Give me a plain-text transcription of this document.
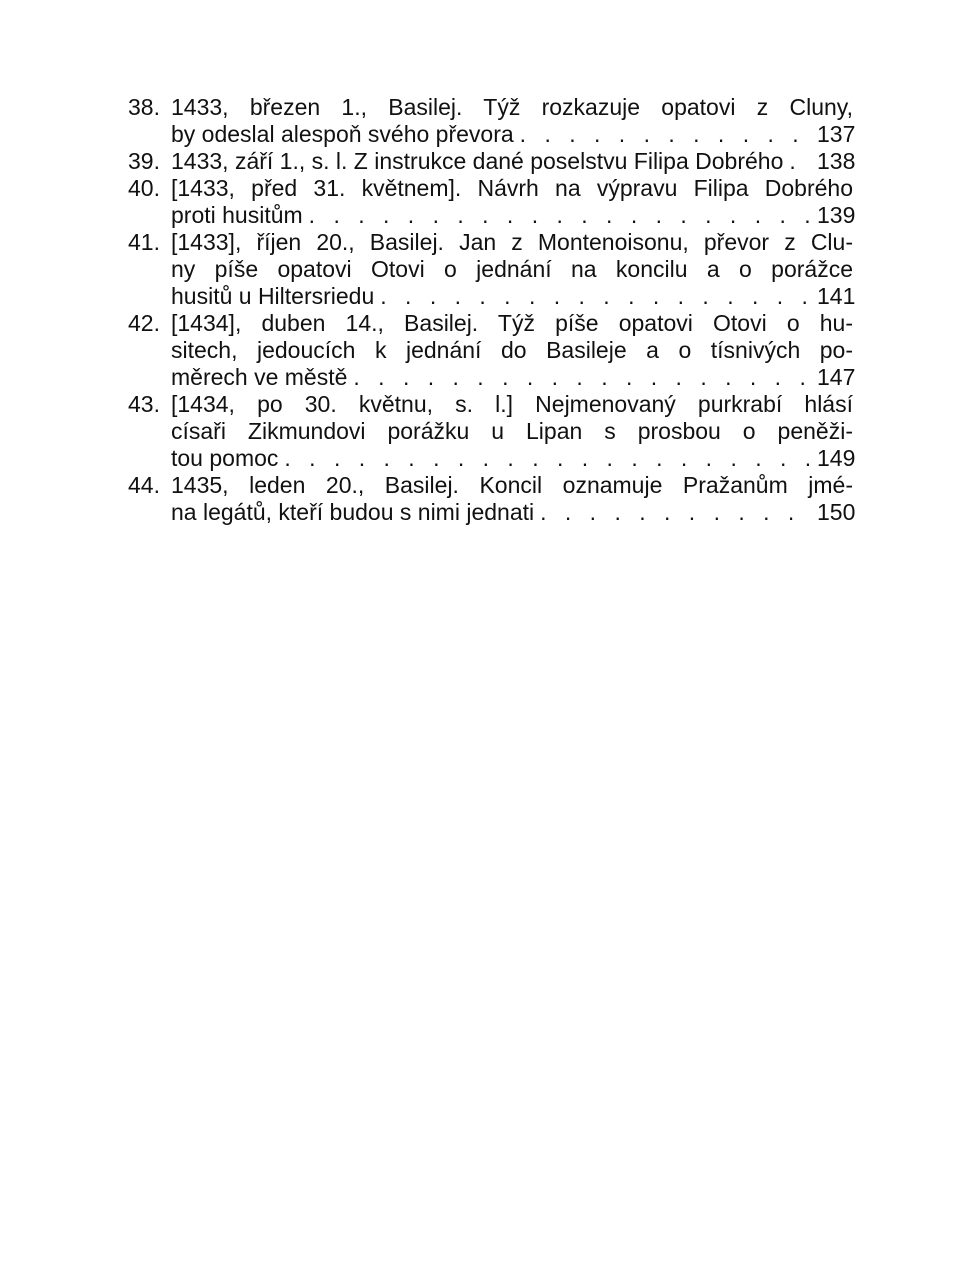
38. 1433, březen 1., Basilej. Týž rozkazuje opatovi z Cluny,
by odeslal alespoň svého převora . . .	137
39. 1433, září 1., s. l. Z instrukce dané poselstvu Filipa Dobrého . . . 138
40. [1433, před 31. květnem]. Návrh na výpravu Filipa Dobrého
proti husitům . . .	139
41. [1433], říjen 20., Basilej. Jan z Montenoisonu, převor z Clu-
ny píše opatovi Otovi o jednání na koncilu a o porážce
husitů u Hiltersriedu . . .	141
42. [1434], duben 14., Basilej. Týž píše opatovi Otovi o hu-
sitech, jedoucích k jednání do Basileje a o tísnivých po-
měrech ve městě . . .	147
43. [1434, po 30. květnu, s. l.] Nejmenovaný purkrabí hlásí
císaři Zikmundovi porážku u Lipan s prosbou o peněži-
tou pomoc . . .	149
44. 1435, leden 20., Basilej. Koncil oznamuje Pražanům jmé-
na legátů, kteří budou s nimi jednati . . .	150
